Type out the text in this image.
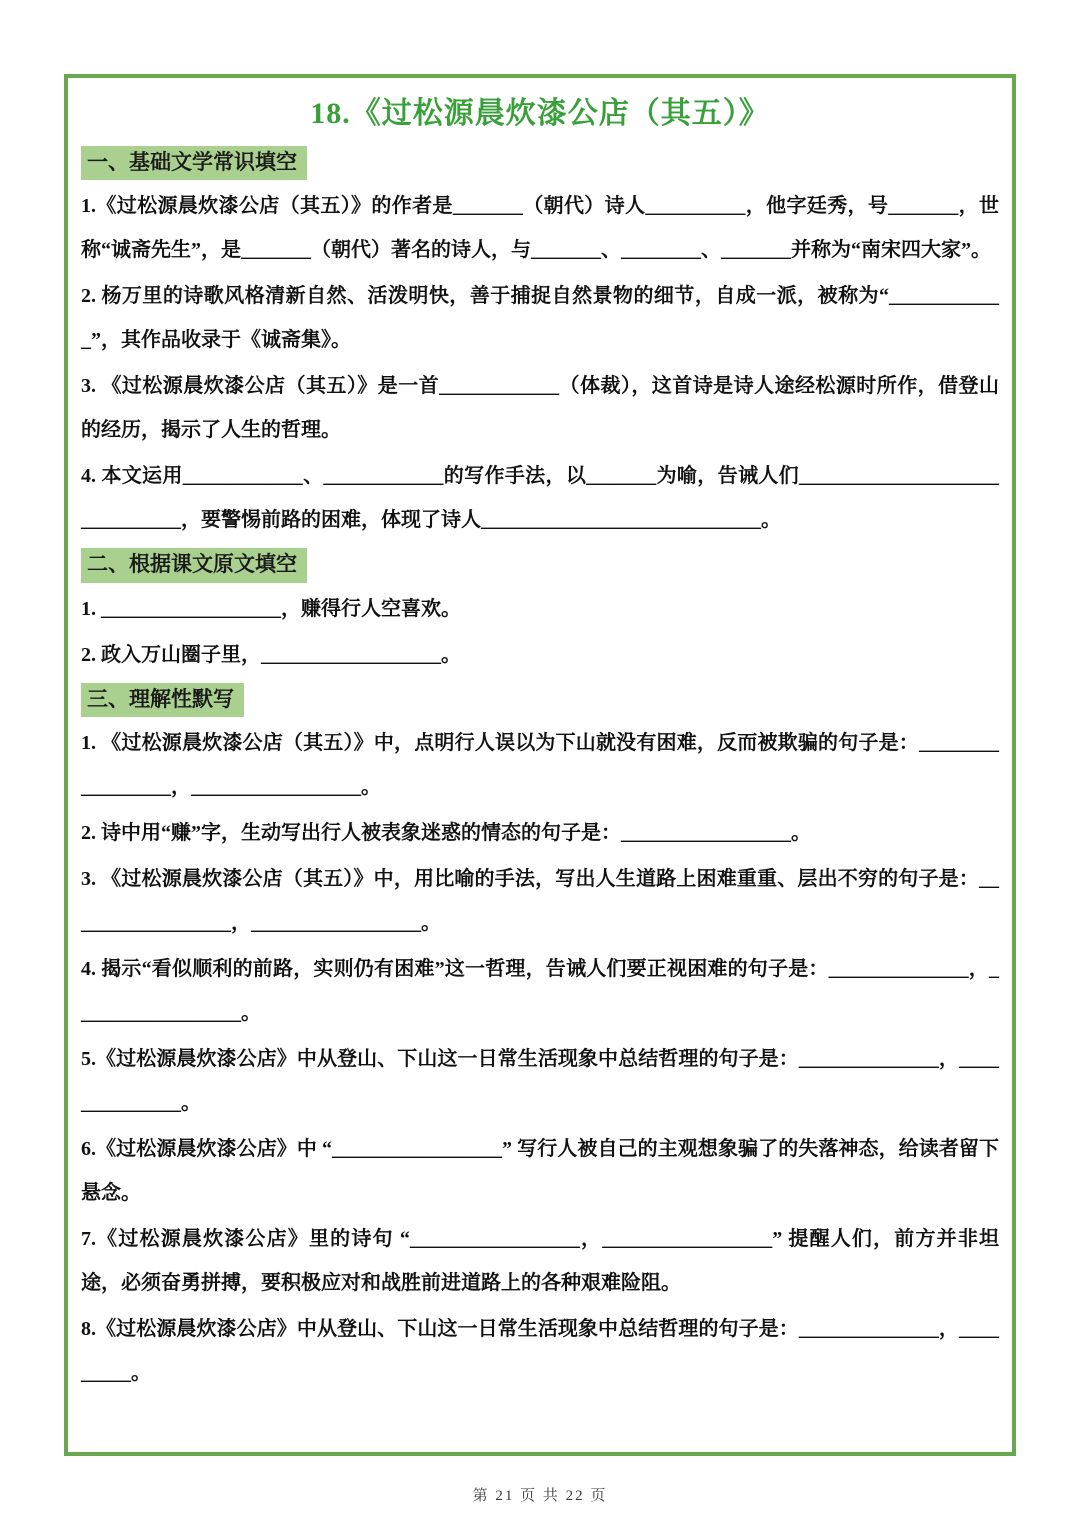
18.《过松源晨炊漆公店（其五）》
一、基础文学常识填空

1.《过松源晨炊漆公店（其五）》的作者是_______（朝代）诗人__________，他字廷秀，号_______，世称“诚斋先生”，是_______（朝代）著名的诗人，与_______、________、_______并称为“南宋四大家”。

2. 杨万里的诗歌风格清新自然、活泼明快，善于捕捉自然景物的细节，自成一派，被称为“____________”，其作品收录于《诚斋集》。

3. 《过松源晨炊漆公店（其五）》是一首____________（体裁），这首诗是诗人途经松源时所作，借登山的经历，揭示了人生的哲理。

4. 本文运用____________、____________的写作手法，以_______为喻，告诫人们______________________________，要警惕前路的困难，体现了诗人____________________________。

二、根据课文原文填空

1. __________________，赚得行人空喜欢。

2. 政入万山圈子里，__________________。

三、理解性默写

1. 《过松源晨炊漆公店（其五）》中，点明行人误以为下山就没有困难，反而被欺骗的句子是：_________________，_________________。

2. 诗中用“赚”字，生动写出行人被表象迷惑的情态的句子是：_________________。

3. 《过松源晨炊漆公店（其五）》中，用比喻的手法，写出人生道路上困难重重、层出不穷的句子是：_________________，_________________。

4. 揭示“看似顺利的前路，实则仍有困难”这一哲理，告诫人们要正视困难的句子是：______________，_________________。

5.《过松源晨炊漆公店》中从登山、下山这一日常生活现象中总结哲理的句子是：______________，______________。

6.《过松源晨炊漆公店》中 “_________________” 写行人被自己的主观想象骗了的失落神态，给读者留下悬念。

7.《过松源晨炊漆公店》里的诗句 “_________________，_________________” 提醒人们，前方并非坦途，必须奋勇拼搏，要积极应对和战胜前进道路上的各种艰难险阻。

8.《过松源晨炊漆公店》中从登山、下山这一日常生活现象中总结哲理的句子是：______________，_________。

第 21 页 共 22 页
